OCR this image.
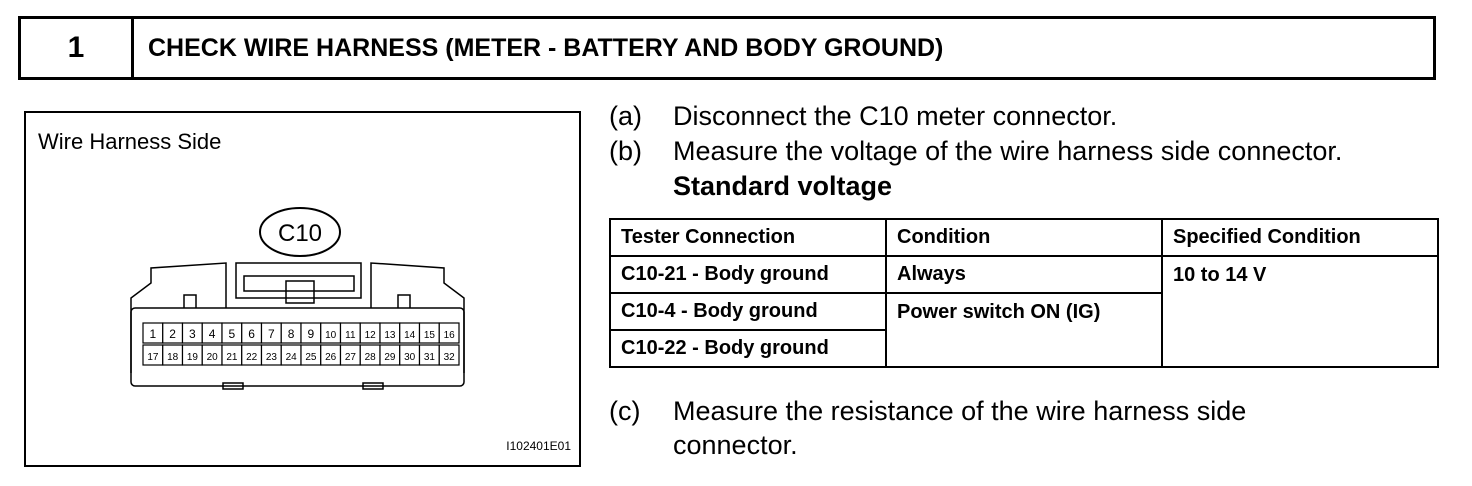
1	CHECK WIRE HARNESS (METER - BATTERY AND BODY GROUND)
Wire Harness Side
C10
1 2 3 4 5 6 7 8 9 10 11 12 13 14 15 16
17 18 19 20 21 22 23 24 25 26 27 28 29 30 31 32
I102401E01
(a) Disconnect the C10 meter connector.
(b) Measure the voltage of the wire harness side connector.
Standard voltage
Tester Connection	Condition	Specified Condition
C10-21 - Body ground	Always	10 to 14 V
C10-4 - Body ground	Power switch ON (IG)	
C10-22 - Body ground		
(c) Measure the resistance of the wire harness side
connector.
